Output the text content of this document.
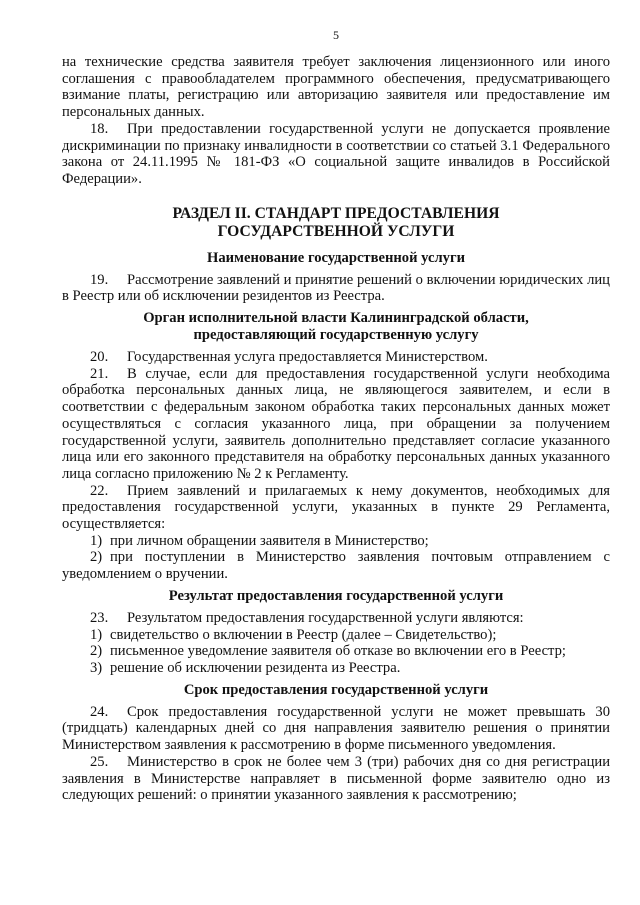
5

на технические средства заявителя требует заключения лицензионного или иного соглашения с правообладателем программного обеспечения, предусматривающего взимание платы, регистрацию или авторизацию заявителя или предоставление им персональных данных.

18. При предоставлении государственной услуги не допускается проявление дискриминации по признаку инвалидности в соответствии со статьей 3.1 Федерального закона от 24.11.1995 № 181-ФЗ «О социальной защите инвалидов в Российской Федерации».

РАЗДЕЛ II. СТАНДАРТ ПРЕДОСТАВЛЕНИЯ
ГОСУДАРСТВЕННОЙ УСЛУГИ
Наименование государственной услуги

19. Рассмотрение заявлений и принятие решений о включении юридических лиц в Реестр или об исключении резидентов из Реестра.

Орган исполнительной власти Калининградской области,
предоставляющий государственную услугу

20. Государственная услуга предоставляется Министерством.

21. В случае, если для предоставления государственной услуги необходима обработка персональных данных лица, не являющегося заявителем, и если в соответствии с федеральным законом обработка таких персональных данных может осуществляться с согласия указанного лица, при обращении за получением государственной услуги, заявитель дополнительно представляет согласие указанного лица или его законного представителя на обработку персональных данных указанного лица согласно приложению № 2 к Регламенту.

22. Прием заявлений и прилагаемых к нему документов, необходимых для предоставления государственной услуги, указанных в пункте 29 Регламента, осуществляется:

1) при личном обращении заявителя в Министерство;

2) при поступлении в Министерство заявления почтовым отправлением с уведомлением о вручении.

Результат предоставления государственной услуги

23. Результатом предоставления государственной услуги являются:

1) свидетельство о включении в Реестр (далее – Свидетельство);

2) письменное уведомление заявителя об отказе во включении его в Реестр;

3) решение об исключении резидента из Реестра.

Срок предоставления государственной услуги

24. Срок предоставления государственной услуги не может превышать 30 (тридцать) календарных дней со дня направления заявителю решения о принятии Министерством заявления к рассмотрению в форме письменного уведомления.

25. Министерство в срок не более чем 3 (три) рабочих дня со дня регистрации заявления в Министерстве направляет в письменной форме заявителю одно из следующих решений: о принятии указанного заявления к рассмотрению;
